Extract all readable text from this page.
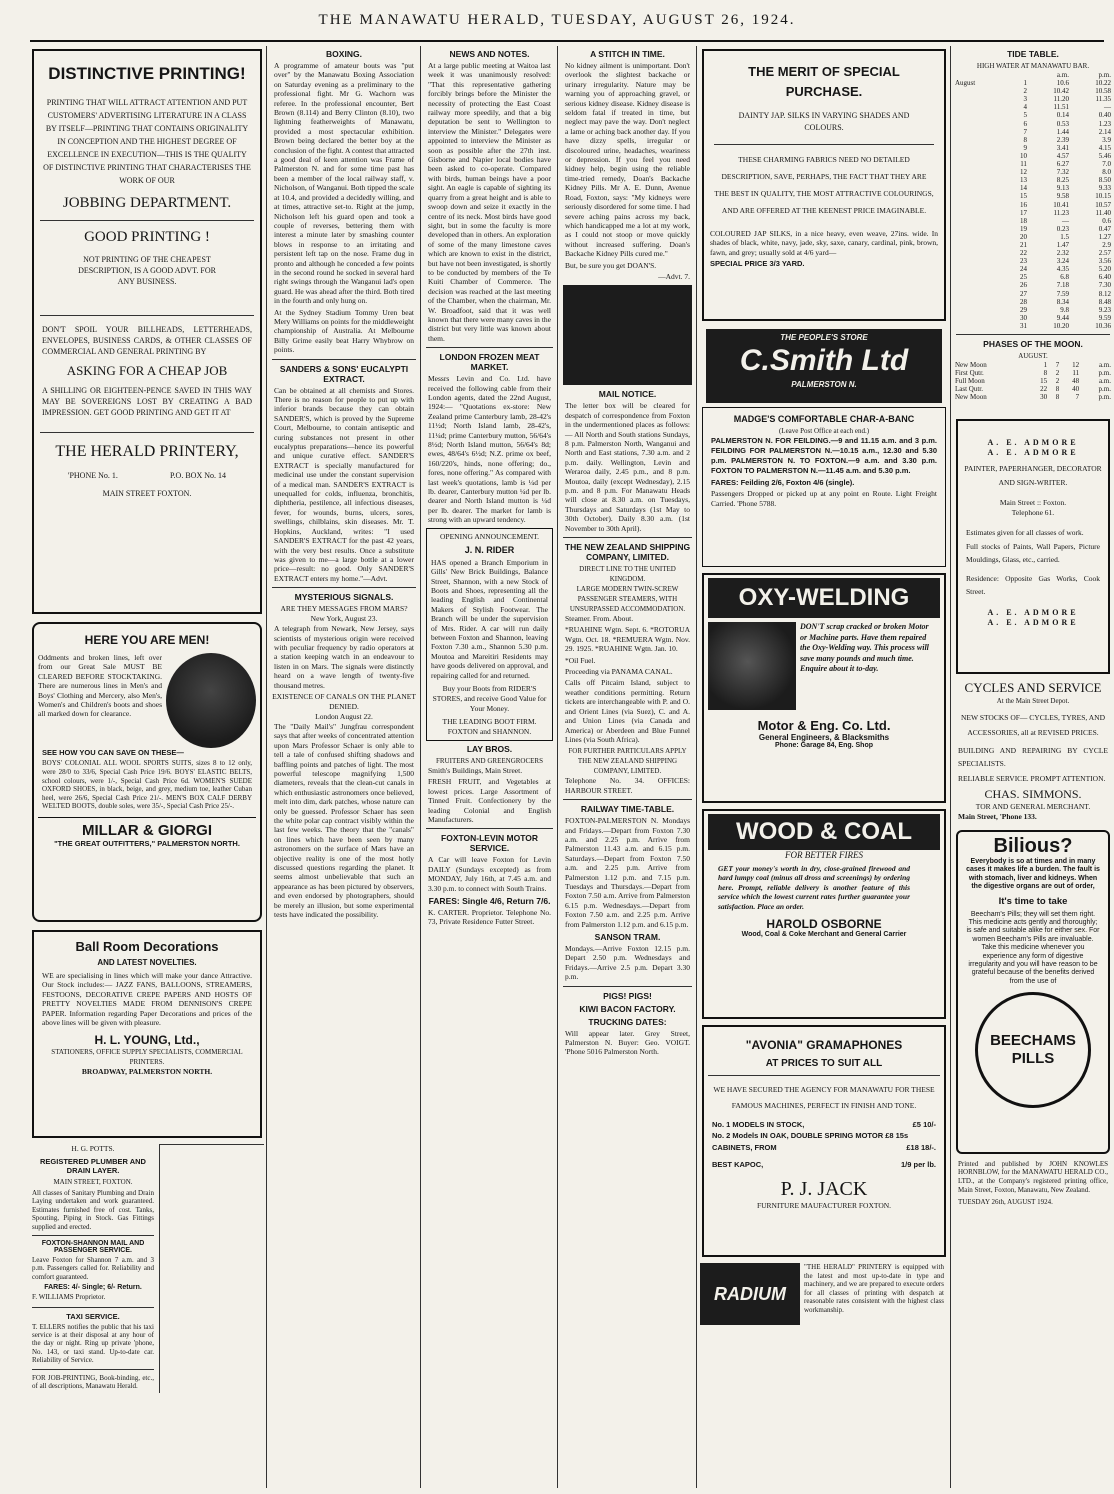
THE MANAWATU HERALD, TUESDAY, AUGUST 26, 1924.
DISTINCTIVE PRINTING!
PRINTING THAT WILL ATTRACT ATTENTION AND PUT CUSTOMERS' ADVERTISING LITERATURE IN A CLASS BY ITSELF—PRINTING THAT CONTAINS ORIGINALITY IN CONCEPTION AND THE HIGHEST DEGREE OF EXCELLENCE IN EXECUTION—THIS IS THE QUALITY OF DISTINCTIVE PRINTING THAT CHARACTERISES THE WORK OF OUR
JOBBING DEPARTMENT.
GOOD PRINTING !
NOT PRINTING OF THE CHEAPEST DESCRIPTION, IS A GOOD ADVT. FOR ANY BUSINESS.
DON'T SPOIL YOUR BILLHEADS, LETTERHEADS, ENVELOPES, BUSINESS CARDS, & OTHER CLASSES OF COMMERCIAL AND GENERAL PRINTING BY
ASKING FOR A CHEAP JOB
A SHILLING OR EIGHTEEN-PENCE SAVED IN THIS WAY MAY BE SOVEREIGNS LOST BY CREATING A BAD IMPRESSION. GET GOOD PRINTING AND GET IT AT
THE HERALD PRINTERY,
'PHONE No. 1.	P.O. BOX No. 14
MAIN STREET FOXTON.
HERE YOU ARE MEN!
Oddments and broken lines, left over from our Great Sale MUST BE CLEARED BEFORE STOCKTAKING. There are numerous lines in Men's and Boys' Clothing and Mercery, also Men's, Women's and Children's boots and shoes all marked down for clearance.
SEE HOW YOU CAN SAVE ON THESE—
BOYS' COLONIAL ALL WOOL SPORTS SUITS, sizes 8 to 12 only, were 28/0 to 33/6, Special Cash Price 19/6. BOYS' ELASTIC BELTS, school colours, were 1/-, Special Cash Price 6d. WOMEN'S SUEDE OXFORD SHOES, in black, beige, and grey, medium toe, leather Cuban heel, were 26/6, Special Cash Price 21/-. MEN'S BOX CALF DERBY WELTED BOOTS, double soles, were 35/-, Special Cash Price 25/-.
MILLAR & GIORGI
"THE GREAT OUTFITTERS," PALMERSTON NORTH.
Ball Room Decorations
AND LATEST NOVELTIES.
WE are specialising in lines which will make your dance Attractive. Our Stock includes:— JAZZ FANS, BALLOONS, STREAMERS, FESTOONS, DECORATIVE CREPE PAPERS AND HOSTS OF PRETTY NOVELTIES MADE FROM DENNISON'S CREPE PAPER. Information regarding Paper Decorations and prices of the above lines will be given with pleasure.
H. L. YOUNG, Ltd.,
STATIONERS, OFFICE SUPPLY SPECIALISTS, COMMERCIAL PRINTERS.
BROADWAY, PALMERSTON NORTH.
H. G. POTTS.
REGISTERED PLUMBER AND DRAIN LAYER.
MAIN STREET, FOXTON.
All classes of Sanitary Plumbing and Drain Laying undertaken and work guaranteed. Estimates furnished free of cost. Tanks, Spouting, Piping in Stock. Gas Fittings supplied and erected.
FOXTON-SHANNON MAIL AND PASSENGER SERVICE.
Leave Foxton for Shannon 7 a.m. and 3 p.m. Passengers called for. Reliability and comfort guaranteed.
FARES: 4/- Single; 6/- Return.
F. WILLIAMS Proprietor.
TAXI SERVICE.
T. ELLERS notifies the public that his taxi service is at their disposal at any hour of the day or night. Ring up private 'phone, No. 143, or taxi stand. Up-to-date car. Reliability of Service.
FOR JOB-PRINTING, Book-binding, etc., of all descriptions, Manawatu Herald.
BOXING.
A programme of amateur bouts was "put over" by the Manawatu Boxing Association on Saturday evening as a preliminary to the professional fight. Mr G. Wachorn was referee. In the professional encounter, Bert Brown (8.114) and Berry Clinton (8.10), two lightning featherweights of Manawatu, provided a most spectacular exhibition. Brown being declared the better boy at the conclusion of the fight. A contest that attracted a good deal of keen attention was Frame of Palmerston N. and for some time past has been a member of the local railway staff, v. Nicholson, of Wanganui. Both tipped the scale at 10.4, and provided a decidedly willing, and at times, attractive set-to. Right at the jump, Nicholson left his guard open and took a couple of reverses, bettering them with interest a minute later by smashing counter blows in response to an irritating and persistent left tap on the nose. Frame dug in pronto and although he conceded a few points in the second round he socked in several hard right swings through the Wanganui lad's open guard. He was ahead after the third. Both tired in the fourth and only hung on.
At the Sydney Stadium Tommy Uren beat Mery Williams on points for the middleweight championship of Australia. At Melbourne Billy Grime easily beat Harry Whybrow on points.
SANDERS & SONS' EUCALYPTI EXTRACT.
Can be obtained at all chemists and Stores. There is no reason for people to put up with inferior brands because they can obtain SANDER'S, which is proved by the Supreme Court, Melbourne, to contain antiseptic and curing substances not present in other eucalyptus preparations—hence its powerful and unique curative effect. SANDER'S EXTRACT is specially manufactured for medicinal use under the constant supervision of a medical man. SANDER'S EXTRACT is unequalled for colds, influenza, bronchitis, diphtheria, pestilence, all infectious diseases, fever, for wounds, burns, ulcers, sores, swellings, chilblains, skin diseases. Mr. T. Hopkins, Auckland, writes: "I used SANDER'S EXTRACT for the past 42 years, with the very best results. Once a substitute was given to me—a large bottle at a lower price—result: no good. Only SANDER'S EXTRACT enters my home."—Advt.
MYSTERIOUS SIGNALS.
ARE THEY MESSAGES FROM MARS?
New York, August 23.
A telegraph from Newark, New Jersey, says scientists of mysterious origin were received with peculiar frequency by radio operators at a station keeping watch in an endeavour to listen in on Mars. The signals were distinctly heard on a wave length of twenty-five thousand metres.
EXISTENCE OF CANALS ON THE PLANET DENIED.
London August 22.
The "Daily Mail's" Jungfrau correspondent says that after weeks of concentrated attention upon Mars Professor Schaer is only able to tell a tale of confused shifting shadows and baffling points and patches of light. The most powerful telescope magnifying 1,500 diameters, reveals that the clean-cut canals in which enthusiastic astronomers once believed, melt into dim, dark patches, whose nature can only be guessed. Professor Schaer has seen the white polar cap contract visibly within the last few weeks. The theory that the "canals" on lines which have been seen by many astronomers on the surface of Mars have an objective reality is one of the most hotly discussed questions regarding the planet. It seems almost unbelievable that such an appearance as has been pictured by observers, and even endorsed by photographers, should be merely an illusion, but some experimental tests have indicated the possibility.
NEWS AND NOTES.
At a large public meeting at Waitoa last week it was unanimously resolved: "That this representative gathering forcibly brings before the Minister the necessity of protecting the East Coast railway more speedily, and that a big deputation be sent to Wellington to interview the Minister." Delegates were appointed to interview the Minister as soon as possible after the 27th inst. Gisborne and Napier local bodies have been asked to co-operate. Compared with birds, human beings have a poor sight. An eagle is capable of sighting its quarry from a great height and is able to swoop down and seize it exactly in the centre of its neck. Most birds have good sight, but in some the faculty is more developed than in others. An exploration of some of the many limestone caves which are known to exist in the district, but have not been investigated, is shortly to be conducted by members of the Te Kuiti Chamber of Commerce. The decision was reached at the last meeting of the Chamber, when the chairman, Mr. W. Broadfoot, said that it was well known that there were many caves in the district but very little was known about them.
LONDON FROZEN MEAT MARKET.
Messrs Levin and Co. Ltd. have received the following cable from their London agents, dated the 22nd August, 1924:— "Quotations ex-store: New Zealand prime Canterbury lamb, 28-42's 11½d; North Island lamb, 28-42's, 11¼d; prime Canterbury mutton, 56/64's 8½d; North Island mutton, 56/64's 8d; ewes, 48/64's 6½d; N.Z. prime ox beef, 160/220's, hinds, none offering; do., fores, none offering." As compared with last week's quotations, lamb is ¼d per lb. dearer, Canterbury mutton ¼d per lb. dearer and North Island mutton is ¼d per lb. dearer. The market for lamb is strong with an upward tendency.
OPENING ANNOUNCEMENT.
J. N. RIDER
HAS opened a Branch Emporium in Gills' New Brick Buildings, Balance Street, Shannon, with a new Stock of Boots and Shoes, representing all the leading English and Continental Makers of Stylish Footwear. The Branch will be under the supervision of Mrs. Rider. A car will run daily between Foxton and Shannon, leaving Foxton 7.30 a.m., Shannon 5.30 p.m. Moutoa and Mareitiri Residents may have goods delivered on approval, and repairing called for and returned.
Buy your Boots from RIDER'S STORES, and receive Good Value for Your Money.
THE LEADING BOOT FIRM. FOXTON and SHANNON.
LAY BROS.
FRUITERS AND GREENGROCERS
Smith's Buildings, Main Street.
FRESH FRUIT, and Vegetables at lowest prices. Large Assortment of Tinned Fruit. Confectionery by the leading Colonial and English Manufacturers.
FOXTON-LEVIN MOTOR SERVICE.
A Car will leave Foxton for Levin DAILY (Sundays excepted) as from MONDAY, July 16th, at 7.45 a.m. and 3.30 p.m. to connect with South Trains.
FARES: Single 4/6, Return 7/6.
K. CARTER. Proprietor. Telephone No. 73, Private Residence Futter Street.
A STITCH IN TIME.
No kidney ailment is unimportant. Don't overlook the slightest backache or urinary irregularity. Nature may be warning you of approaching gravel, or serious kidney disease. Kidney disease is seldom fatal if treated in time, but neglect may pave the way. Don't neglect a lame or aching back another day. If you have dizzy spells, irregular or discoloured urine, headaches, weariness or depression. If you feel you need kidney help, begin using the reliable time-tried remedy, Doan's Backache Kidney Pills. Mr A. E. Dunn, Avenue Road, Foxton, says: "My kidneys were seriously disordered for some time. I had severe aching pains across my back, which handicapped me a lot at my work, as I could not stoop or move quickly without increased suffering. Doan's Backache Kidney Pills cured me."
But, be sure you get DOAN'S.
—Advt. 7.
MAIL NOTICE.
The letter box will be cleared for despatch of correspondence from Foxton in the undermentioned places as follows:— All North and South stations Sundays, 8 p.m. Palmerston North, Wanganui and North and East stations, 7.30 a.m. and 2 p.m. daily. Wellington, Levin and Weraroa daily, 2.45 p.m., and 8 p.m. Moutoa, daily (except Wednesday), 2.15 p.m. and 8 p.m. For Manawatu Heads will close at 8.30 a.m. on Tuesdays, Thursdays and Saturdays (1st May to 30th October). Daily 8.30 a.m. (1st November to 30th April).
THE NEW ZEALAND SHIPPING COMPANY, LIMITED.
DIRECT LINE TO THE UNITED KINGDOM.
LARGE MODERN TWIN-SCREW PASSENGER STEAMERS, WITH UNSURPASSED ACCOMMODATION.
Steamer. From. About.
*RUAHINE Wgtn. Sept. 6. *ROTORUA Wgtn. Oct. 18. *REMUERA Wgtn. Nov. 29. 1925. *RUAHINE Wgtn. Jan. 10.
*Oil Fuel.
Proceeding via PANAMA CANAL.
Calls off Pitcairn Island, subject to weather conditions permitting. Return tickets are interchangeable with P. and O. and Orient Lines (via Suez), C. and A. and Union Lines (via Canada and America) or Aberdeen and Blue Funnel Lines (via South Africa).
FOR FURTHER PARTICULARS APPLY THE NEW ZEALAND SHIPPING COMPANY, LIMITED.
Telephone No. 34. OFFICES: HARBOUR STREET.
RAILWAY TIME-TABLE.
FOXTON-PALMERSTON N. Mondays and Fridays.—Depart from Foxton 7.30 a.m. and 2.25 p.m. Arrive from Palmerston 11.43 a.m. and 6.15 p.m. Saturdays.—Depart from Foxton 7.50 a.m. and 2.25 p.m. Arrive from Palmerston 1.12 p.m. and 7.15 p.m. Tuesdays and Thursdays.—Depart from Foxton 7.50 a.m. Arrive from Palmerston 6.15 p.m. Wednesdays.—Depart from Foxton 7.50 a.m. and 2.25 p.m. Arrive from Palmerston 1.12 p.m. and 6.15 p.m.
SANSON TRAM.
Mondays.—Arrive Foxton 12.15 p.m. Depart 2.50 p.m. Wednesdays and Fridays.—Arrive 2.5 p.m. Depart 3.30 p.m.
PIGS! PIGS!
KIWI BACON FACTORY.
TRUCKING DATES:
Will appear later. Grey Street, Palmerston N. Buyer: Geo. VOIGT. 'Phone 5016 Palmerston North.
THE MERIT OF SPECIAL PURCHASE.
DAINTY JAP. SILKS IN VARYING SHADES AND COLOURS.
THESE CHARMING FABRICS NEED NO DETAILED DESCRIPTION, SAVE, PERHAPS, THE FACT THAT THEY ARE THE BEST IN QUALITY, THE MOST ATTRACTIVE COLOURINGS, AND ARE OFFERED AT THE KEENEST PRICE IMAGINABLE.
COLOURED JAP SILKS, in a nice heavy, even weave, 27ins. wide. In shades of black, white, navy, jade, sky, saxe, canary, cardinal, pink, brown, fawn, and grey; usually sold at 4/6 yard—
SPECIAL PRICE 3/3 YARD.
THE PEOPLE'S STORE
C.Smith Ltd
PALMERSTON N.
MADGE'S COMFORTABLE CHAR-A-BANC
(Leave Post Office at each end.)
PALMERSTON N. FOR FEILDING.—9 and 11.15 a.m. and 3 p.m. FEILDING FOR PALMERSTON N.—10.15 a.m., 12.30 and 5.30 p.m. PALMERSTON N. TO FOXTON.—9 a.m. and 3.30 p.m. FOXTON TO PALMERSTON N.—11.45 a.m. and 5.30 p.m.
FARES: Feilding 2/6, Foxton 4/6 (single).
Passengers Dropped or picked up at any point en Route. Light Freight Carried. 'Phone 5788.
OXY-WELDING
DON'T scrap cracked or broken Motor or Machine parts. Have them repaired the Oxy-Welding way. This process will save many pounds and much time. Enquire about it to-day.
Motor & Eng. Co. Ltd.
General Engineers, & Blacksmiths
Phone: Garage 84, Eng. Shop
WOOD & COAL
FOR BETTER FIRES
GET your money's worth in dry, close-grained firewood and hard lumpy coal (minus all dross and screenings) by ordering here. Prompt, reliable delivery is another feature of this service which the lowest current rates further guarantee your satisfaction. Place an order.
HAROLD OSBORNE
Wood, Coal & Coke Merchant and General Carrier
"AVONIA" GRAMAPHONES
AT PRICES TO SUIT ALL
WE HAVE SECURED THE AGENCY FOR MANAWATU FOR THESE FAMOUS MACHINES, PERFECT IN FINISH AND TONE.
No. 1 MODELS IN STOCK,	£5 10/-
No. 2 Models IN OAK, DOUBLE SPRING MOTOR £8 15s
CABINETS, FROM	£18 18/-.
BEST KAPOC,	1/9 per lb.
P. J. JACK
FURNITURE MAUFACTURER FOXTON.
RADIUM POLISHES
"THE HERALD" PRINTERY is equipped with the latest and most up-to-date in type and machinery, and we are prepared to execute orders for all classes of printing with despatch at reasonable rates consistent with the highest class workmanship.
TIDE TABLE.
HIGH WATER AT MANAWATU BAR.
		a.m.	p.m.
August	1	10.6	10.22
	2	10.42	10.58
	3	11.20	11.35
	4	11.51	—
	5	0.14	0.40
	6	0.53	1.23
	7	1.44	2.14
	8	2.39	3.9
	9	3.41	4.15
	10	4.57	5.46
	11	6.27	7.0
	12	7.32	8.0
	13	8.25	8.50
	14	9.13	9.33
	15	9.58	10.15
	16	10.41	10.57
	17	11.23	11.40
	18	—	0.6
	19	0.23	0.47
	20	1.5	1.27
	21	1.47	2.9
	22	2.32	2.57
	23	3.24	3.56
	24	4.35	5.20
	25	6.8	6.40
	26	7.18	7.30
	27	7.59	8.12
	28	8.34	8.48
	29	9.8	9.23
	30	9.44	9.59
	31	10.20	10.36
PHASES OF THE MOON.
AUGUST.
New Moon	1	7	12	a.m.
First Qutr.	8	2	11	p.m.
Full Moon	15	2	48	a.m.
Last Qutr.	22	8	40	p.m.
New Moon	30	8	7	p.m.
A. E. ADMORE
A. E. ADMORE
PAINTER, PAPERHANGER, DECORATOR AND SIGN-WRITER.
Main Street :: Foxton.
Telephone 61.
Estimates given for all classes of work.
Full stocks of Paints, Wall Papers, Picture Mouldings, Glass, etc., carried.
Residence: Opposite Gas Works, Cook Street.
A. E. ADMORE
A. E. ADMORE
CYCLES AND SERVICE
At the Main Street Depot.
NEW STOCKS OF— CYCLES, TYRES, AND ACCESSORIES, all at REVISED PRICES.
BUILDING AND REPAIRING BY CYCLE SPECIALISTS.
RELIABLE SERVICE. PROMPT ATTENTION.
CHAS. SIMMONS.
TOR AND GENERAL MERCHANT.
Main Street, 'Phone 133.
Bilious?
Everybody is so at times and in many cases it makes life a burden. The fault is with stomach, liver and kidneys. When the digestive organs are out of order,
It's time to take
Beecham's Pills; they will set them right. This medicine acts gently and thoroughly; is safe and suitable alike for either sex. For women Beecham's Pills are invaluable. Take this medicine whenever you experience any form of digestive irregularity and you will have reason to be grateful because of the benefits derived from the use of
BEECHAMS PILLS
Printed and published by JOHN KNOWLES HORNBLOW, for the MANAWATU HERALD CO., LTD., at the Company's registered printing office, Main Street, Foxton, Manawatu, New Zealand.
TUESDAY 26th, AUGUST 1924.
